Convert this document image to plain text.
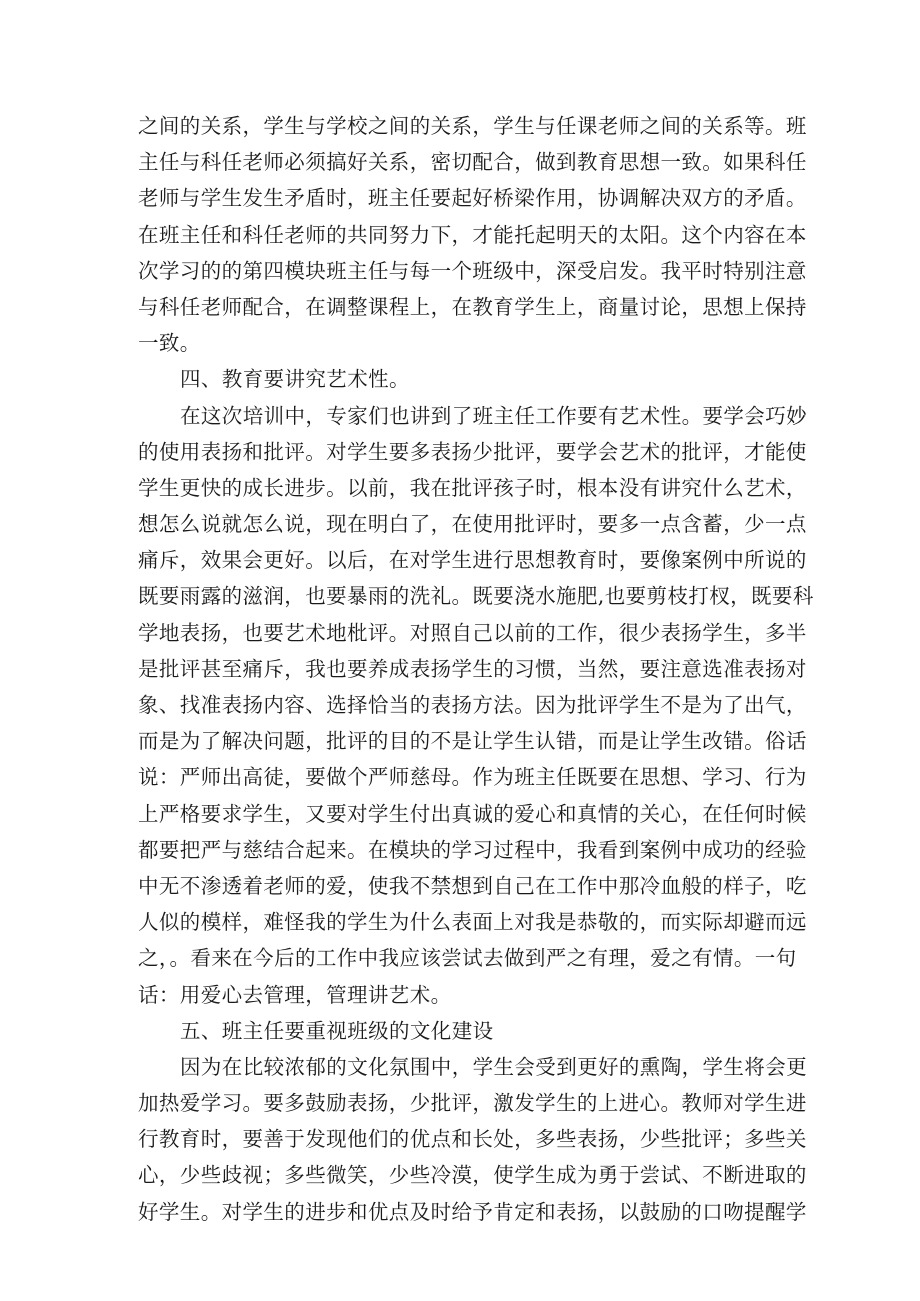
之间的关系，学生与学校之间的关系，学生与任课老师之间的关系等。班
主任与科任老师必须搞好关系，密切配合，做到教育思想一致。如果科任
老师与学生发生矛盾时，班主任要起好桥梁作用，协调解决双方的矛盾。
在班主任和科任老师的共同努力下，才能托起明天的太阳。这个内容在本
次学习的的第四模块班主任与每一个班级中，深受启发。我平时特别注意
与科任老师配合，在调整课程上，在教育学生上，商量讨论，思想上保持
一致。
四、教育要讲究艺术性。
在这次培训中，专家们也讲到了班主任工作要有艺术性。要学会巧妙
的使用表扬和批评。对学生要多表扬少批评，要学会艺术的批评，才能使
学生更快的成长进步。以前，我在批评孩子时，根本没有讲究什么艺术，
想怎么说就怎么说，现在明白了，在使用批评时，要多一点含蓄，少一点
痛斥，效果会更好。以后，在对学生进行思想教育时，要像案例中所说的
既要雨露的滋润，也要暴雨的洗礼。既要浇水施肥,也要剪枝打杈，既要科
学地表扬，也要艺术地枇评。对照自己以前的工作，很少表扬学生，多半
是批评甚至痛斥，我也要养成表扬学生的习惯，当然，要注意选准表扬对
象、找准表扬内容、选择恰当的表扬方法。因为批评学生不是为了出气，
而是为了解决问题，批评的目的不是让学生认错，而是让学生改错。俗话
说：严师出高徒，要做个严师慈母。作为班主任既要在思想、学习、行为
上严格要求学生，又要对学生付出真诚的爱心和真情的关心，在任何时候
都要把严与慈结合起来。在模块的学习过程中，我看到案例中成功的经验
中无不渗透着老师的爱，使我不禁想到自己在工作中那冷血般的样子，吃
人似的模样，难怪我的学生为什么表面上对我是恭敬的，而实际却避而远
之，。看来在今后的工作中我应该尝试去做到严之有理，爱之有情。一句
话：用爱心去管理，管理讲艺术。
五、班主任要重视班级的文化建设
因为在比较浓郁的文化氛围中，学生会受到更好的熏陶，学生将会更
加热爱学习。要多鼓励表扬，少批评，激发学生的上进心。教师对学生进
行教育时，要善于发现他们的优点和长处，多些表扬，少些批评；多些关
心，少些歧视；多些微笑，少些冷漠，使学生成为勇于尝试、不断进取的
好学生。对学生的进步和优点及时给予肯定和表扬，以鼓励的口吻提醒学
